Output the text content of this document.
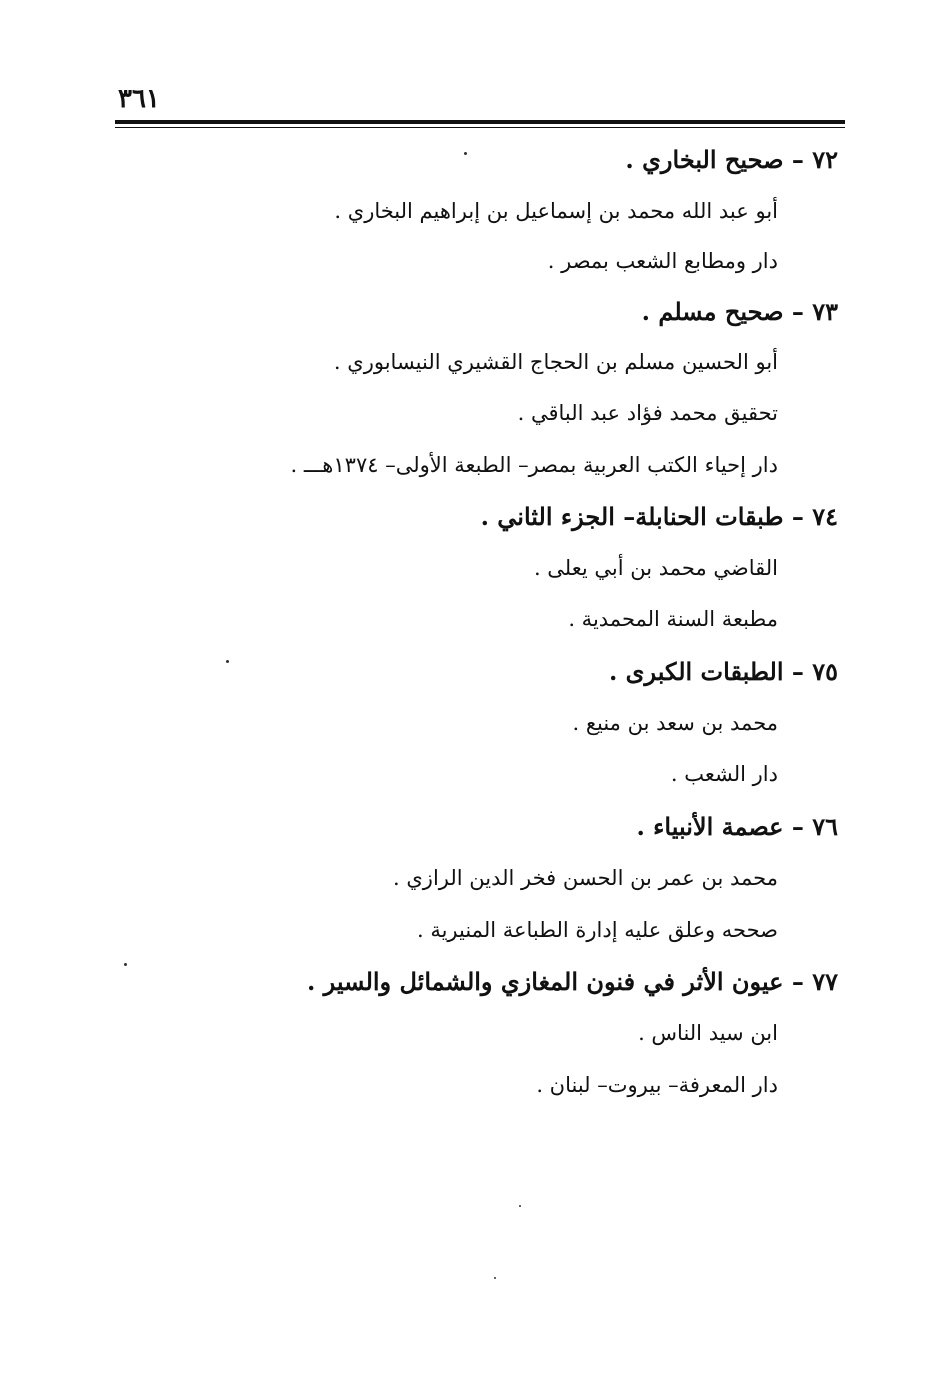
٣٦١
٧٢ – صحيح البخاري .
أبو عبد الله محمد بن إسماعيل بن إبراهيم البخاري .
دار ومطابع الشعب بمصر .
٧٣ – صحيح مسلم .
أبو الحسين مسلم بن الحجاج القشيري النيسابوري .
تحقيق محمد فؤاد عبد الباقي .
دار إحياء الكتب العربية بمصر– الطبعة الأولى– ١٣٧٤هـــ .
٧٤ – طبقات الحنابلة– الجزء الثاني .
القاضي محمد بن أبي يعلى .
مطبعة السنة المحمدية .
٧٥ – الطبقات الكبرى .
محمد بن سعد بن منيع .
دار الشعب .
٧٦ – عصمة الأنبياء .
محمد بن عمر بن الحسن فخر الدين الرازي .
صححه وعلق عليه إدارة الطباعة المنيرية .
٧٧ – عيون الأثر في فنون المغازي والشمائل والسير .
ابن سيد الناس .
دار المعرفة– بيروت– لبنان .
